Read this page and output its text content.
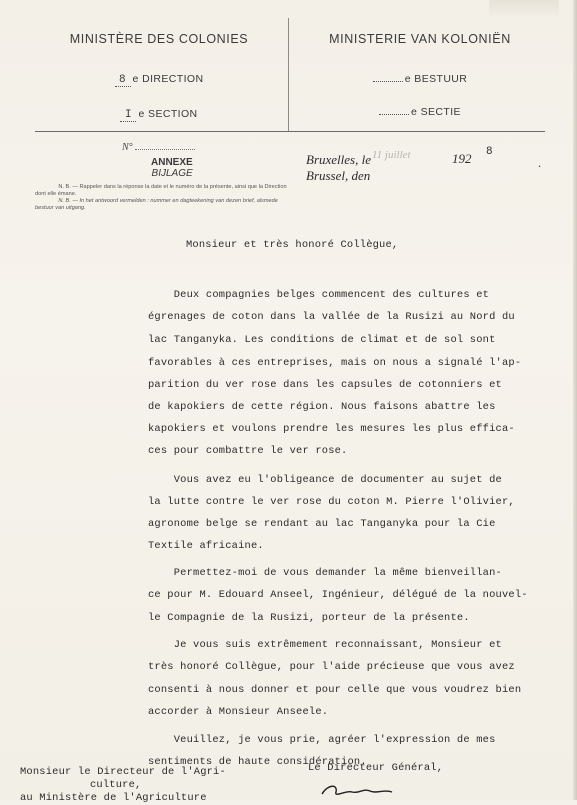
MINISTÈRE DES COLONIES
8 e DIRECTION
I e SECTION
MINISTERIE VAN KOLONIËN
e BESTUUR
e SECTIE
N°
ANNEXE
BIJLAGE
N. B. — Rappeler dans la réponse la date et le numéro de la présente, ainsi que la Direction dont elle émane.
N. B. — In het antwoord vermelden : nummer en dagteekening van dezen brief, alsmede bestuur van uitgang.
Bruxelles, le
Brussel, den
11 juillet	192 8
.
Monsieur et très honoré Collègue,
Deux compagnies belges commencent des cultures et
égrenages de coton dans la vallée de la Rusizi au Nord du
lac Tanganyka. Les conditions de climat et de sol sont
favorables à ces entreprises, mais on nous a signalé l'ap-
parition du ver rose dans les capsules de cotonniers et
de kapokiers de cette région. Nous faisons abattre les
kapokiers et voulons prendre les mesures les plus effica-
ces pour combattre le ver rose.
Vous avez eu l'obligeance de documenter au sujet de
la lutte contre le ver rose du coton M. Pierre l'Olivier,
agronome belge se rendant au lac Tanganyka pour la Cie
Textile africaine.
Permettez-moi de vous demander la même bienveillan-
ce pour M. Edouard Anseel, Ingénieur, délégué de la nouvel-
le Compagnie de la Rusizi, porteur de la présente.
Je vous suis extrêmement reconnaissant, Monsieur et
très honoré Collègue, pour l'aide précieuse que vous avez
consenti à nous donner et pour celle que vous voudrez bien
accorder à Monsieur Anseele.
Veuillez, je vous prie, agréer l'expression de mes
sentiments de haute considération.
Monsieur le Directeur de l'Agri-
culture,
au Ministère de l'Agriculture
Le Directeur Général,
